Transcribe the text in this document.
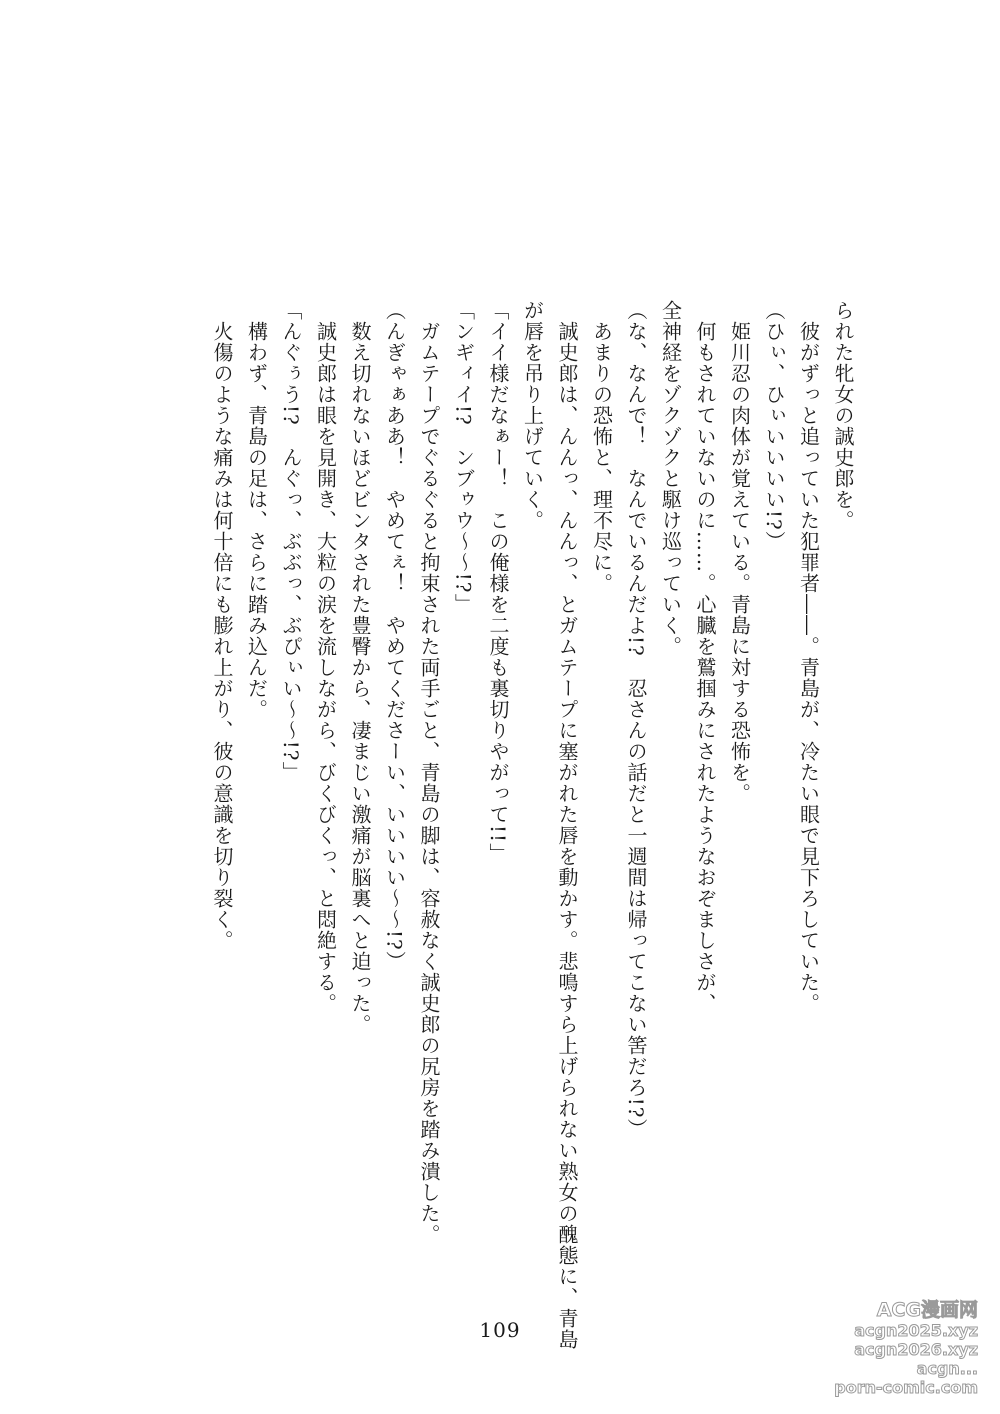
られた牝女の誠史郎を。
　彼がずっと追っていた犯罪者――。青島が、冷たい眼で見下ろしていた。
（ひぃ、ひぃいいいい!?）
　姫川忍の肉体が覚えている。青島に対する恐怖を。
　何もされていないのに……。心臓を鷲掴みにされたようなおぞましさが、
全神経をゾクゾクと駆け巡っていく。
（な、なんで！　なんでいるんだよ!?　忍さんの話だと一週間は帰ってこない筈だろ!?）
　あまりの恐怖と、理不尽に。
　誠史郎は、んんっ、んんっ、とガムテープに塞がれた唇を動かす。悲鳴すら上げられない熟女の醜態に、青島
が唇を吊り上げていく。
「イイ様だなぁー！　この俺様を二度も裏切りやがって!!」
「ンギィイ!?　ンブゥウ～～!?」
　ガムテープでぐるぐると拘束された両手ごと、青島の脚は、容赦なく誠史郎の尻房を踏み潰した。
（んぎゃぁああ！　やめてぇ！　やめてくださーい、いいいい～～!?）
　数え切れないほどビンタされた豊臀から、凄まじい激痛が脳裏へと迫った。
　誠史郎は眼を見開き、大粒の涙を流しながら、びくびくっ、と悶絶する。
「んぐぅう!?　んぐっ、ぶぶっ、ぶぴぃい～～!?」
　構わず、青島の足は、さらに踏み込んだ。
　火傷のような痛みは何十倍にも膨れ上がり、彼の意識を切り裂く。
109
ACG漫画网
acgn2025.xyz
acgn2026.xyz
acgn...
porn-comic.com
